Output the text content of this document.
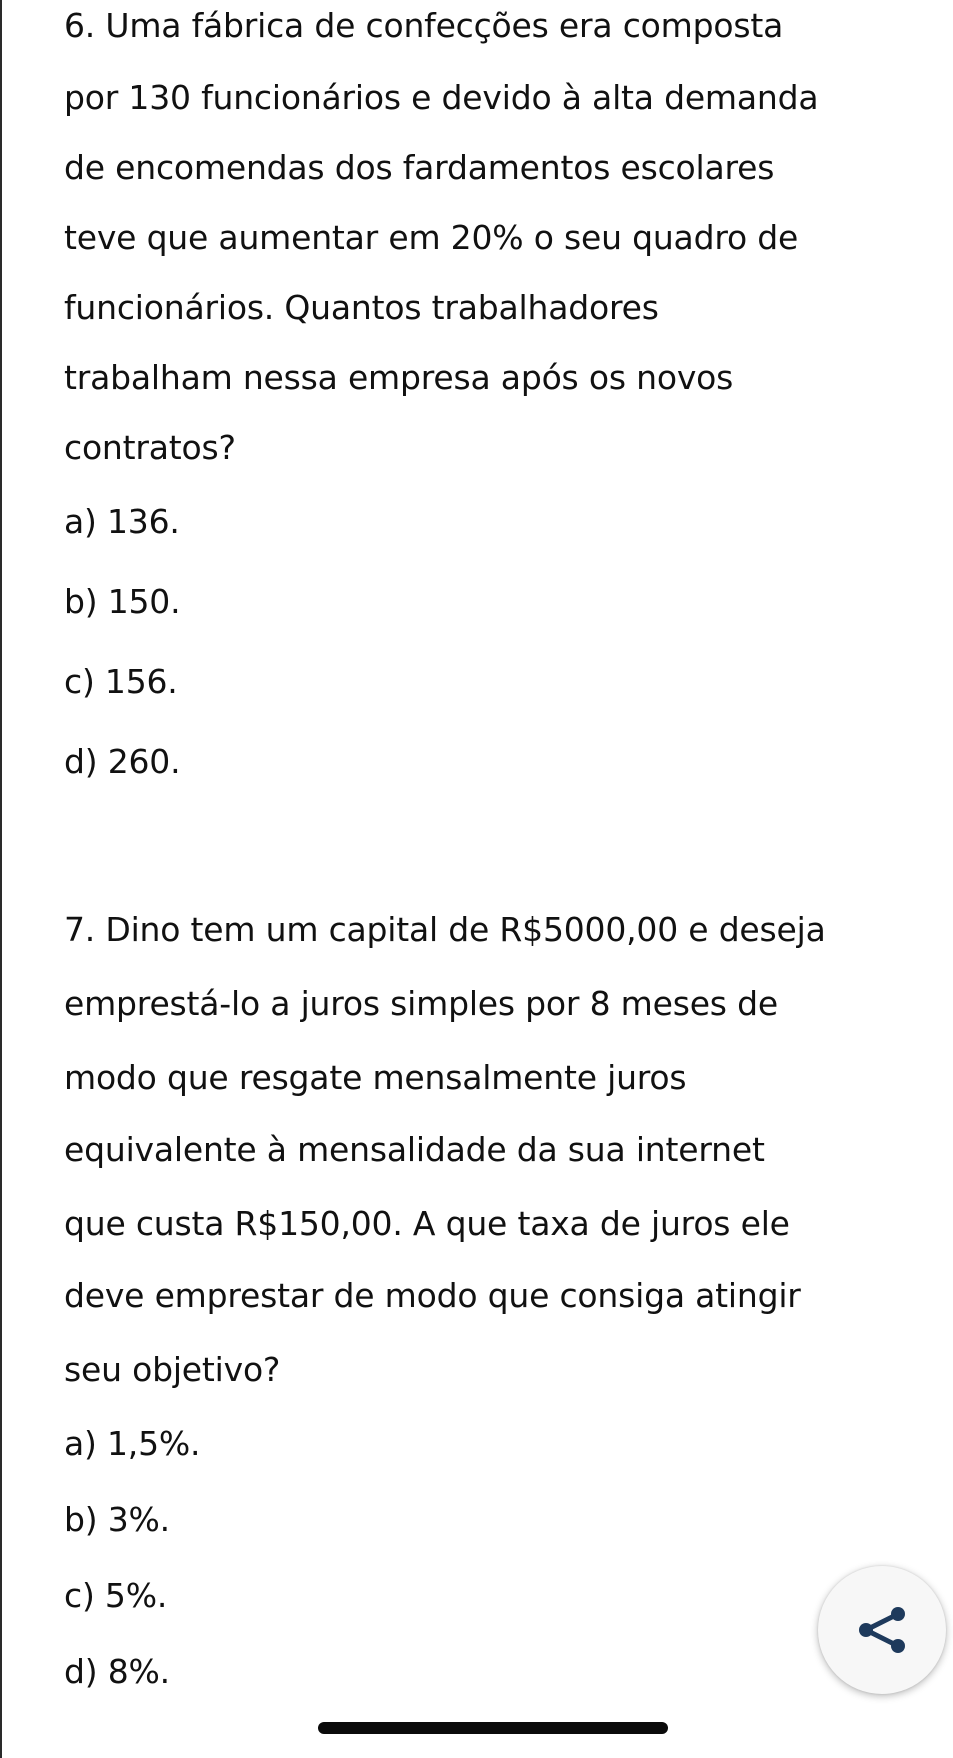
6. Uma fábrica de confecções era composta
por 130 funcionários e devido à alta demanda
de encomendas dos fardamentos escolares
teve que aumentar em 20% o seu quadro de
funcionários. Quantos trabalhadores
trabalham nessa empresa após os novos
contratos?
a) 136.
b) 150.
c) 156.
d) 260.
7. Dino tem um capital de R$5000,00 e deseja
emprestá-lo a juros simples por 8 meses de
modo que resgate mensalmente juros
equivalente à mensalidade da sua internet
que custa R$150,00. A que taxa de juros ele
deve emprestar de modo que consiga atingir
seu objetivo?
a) 1,5%.
b) 3%.
c) 5%.
d) 8%.
